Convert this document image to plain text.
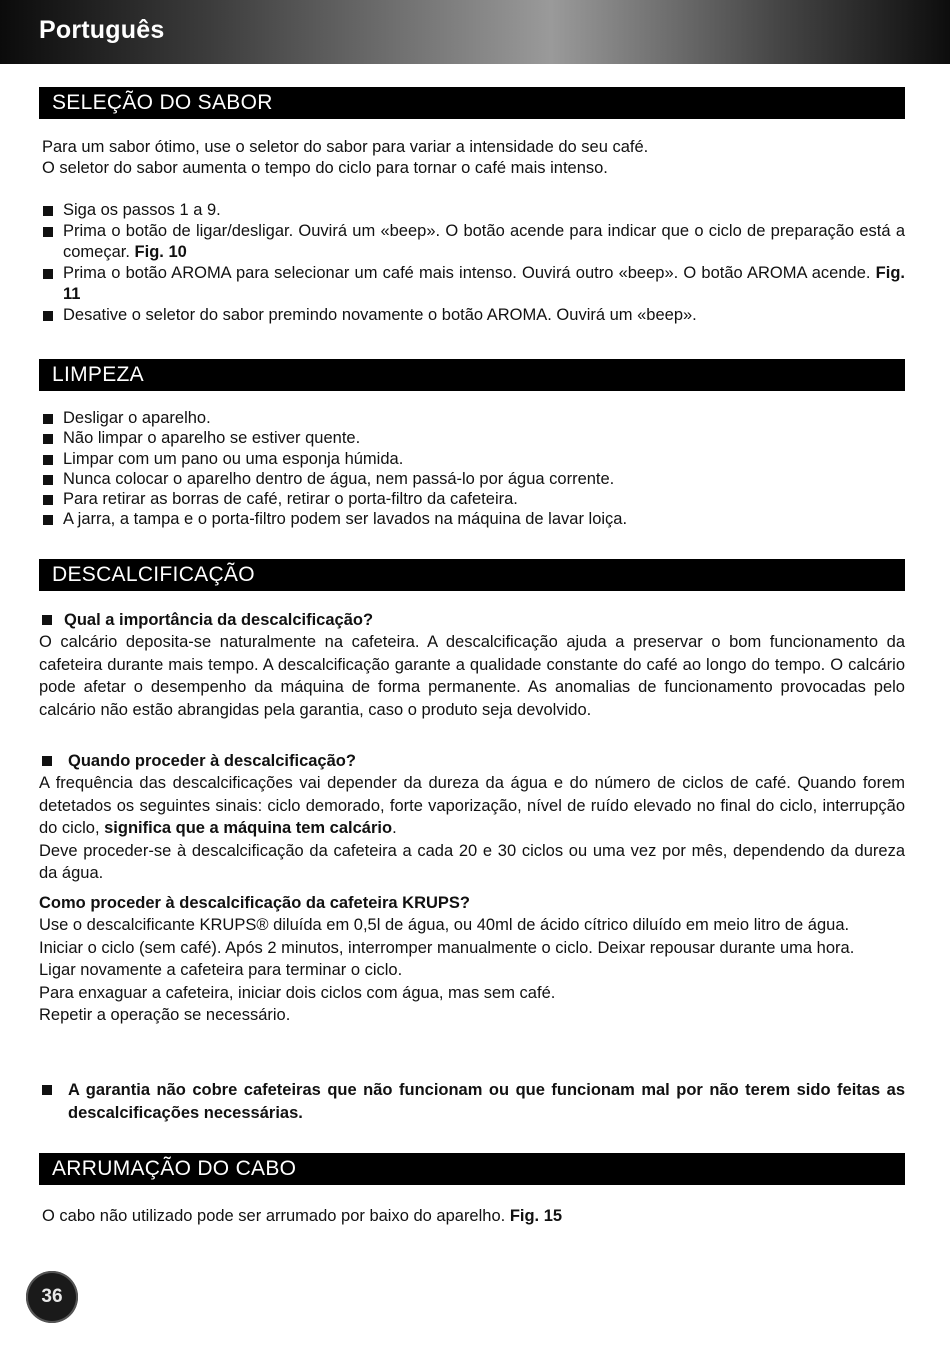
Português
SELEÇÃO DO SABOR

Para um sabor ótimo, use o seletor do sabor para variar a intensidade do seu café.

O seletor do sabor aumenta o tempo do ciclo para tornar o café mais intenso.

Siga os passos 1 a 9.
Prima o botão de ligar/desligar. Ouvirá um «beep». O botão acende para indicar que o ciclo de preparação está a começar. Fig. 10
Prima o botão AROMA para selecionar um café mais intenso. Ouvirá outro «beep». O botão AROMA acende. Fig. 11
Desative o seletor do sabor premindo novamente o botão AROMA. Ouvirá um «beep».
LIMPEZA
Desligar o aparelho.
Não limpar o aparelho se estiver quente.
Limpar com um pano ou uma esponja húmida.
Nunca colocar o aparelho dentro de água, nem passá-lo por água corrente.
Para retirar as borras de café, retirar o porta-filtro da cafeteira.
A jarra, a tampa e o porta-filtro podem ser lavados na máquina de lavar loiça.
DESCALCIFICAÇÃO
Qual a importância da descalcificação?

O calcário deposita-se naturalmente na cafeteira. A descalcificação ajuda a preservar o bom funcionamento da cafeteira durante mais tempo. A descalcificação garante a qualidade constante do café ao longo do tempo. O calcário pode afetar o desempenho da máquina de forma permanente. As anomalias de funcionamento provocadas pelo calcário não estão abrangidas pela garantia, caso o produto seja devolvido.

Quando proceder à descalcificação?

A frequência das descalcificações vai depender da dureza da água e do número de ciclos de café. Quando forem detetados os seguintes sinais: ciclo demorado, forte vaporização, nível de ruído elevado no final do ciclo, interrupção do ciclo, significa que a máquina tem calcário.

Deve proceder-se à descalcificação da cafeteira a cada 20 e 30 ciclos ou uma vez por mês, dependendo da dureza da água.

Como proceder à descalcificação da cafeteira KRUPS?

Use o descalcificante KRUPS® diluída em 0,5l de água, ou 40ml de ácido cítrico diluído em meio litro de água.

Iniciar o ciclo (sem café). Após 2 minutos, interromper manualmente o ciclo. Deixar repousar durante uma hora.

Ligar novamente a cafeteira para terminar o ciclo.

Para enxaguar a cafeteira, iniciar dois ciclos com água, mas sem café.

Repetir a operação se necessário.

A garantia não cobre cafeteiras que não funcionam ou que funcionam mal por não terem sido feitas as descalcificações necessárias.
ARRUMAÇÃO DO CABO

O cabo não utilizado pode ser arrumado por baixo do aparelho. Fig. 15

36
